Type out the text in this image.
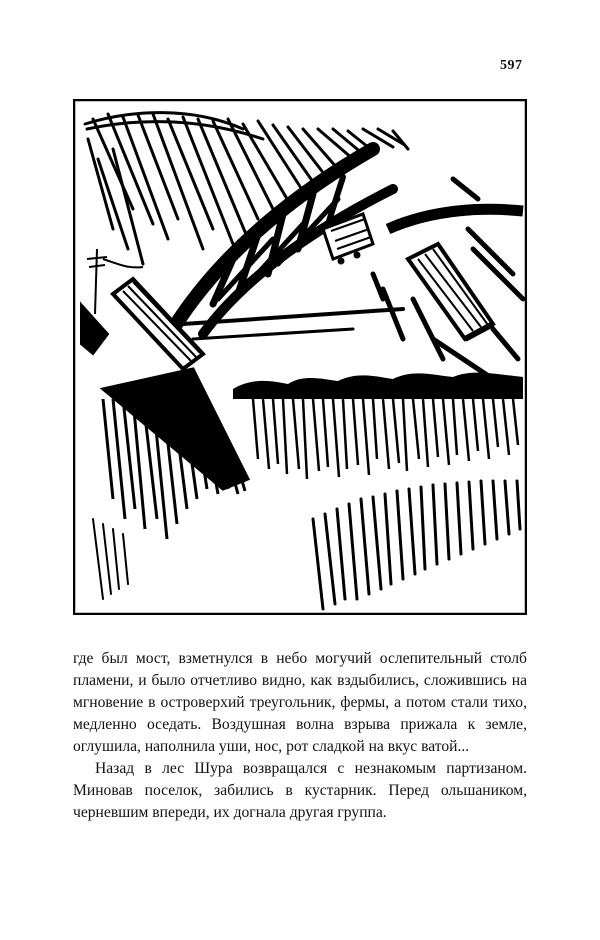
597

где был мост, взметнулся в небо могучий ослепительный столб пламени, и было отчетливо видно, как вздыбились, сложившись на мгновение в островерхий треугольник, фермы, а потом стали тихо, медленно оседать. Воздушная волна взрыва прижала к земле, оглушила, наполнила уши, нос, рот сладкой на вкус ватой...

Назад в лес Шура возвращался с незнакомым партизаном. Миновав поселок, забились в кустарник. Перед ольшаником, черневшим впереди, их догнала другая группа.
